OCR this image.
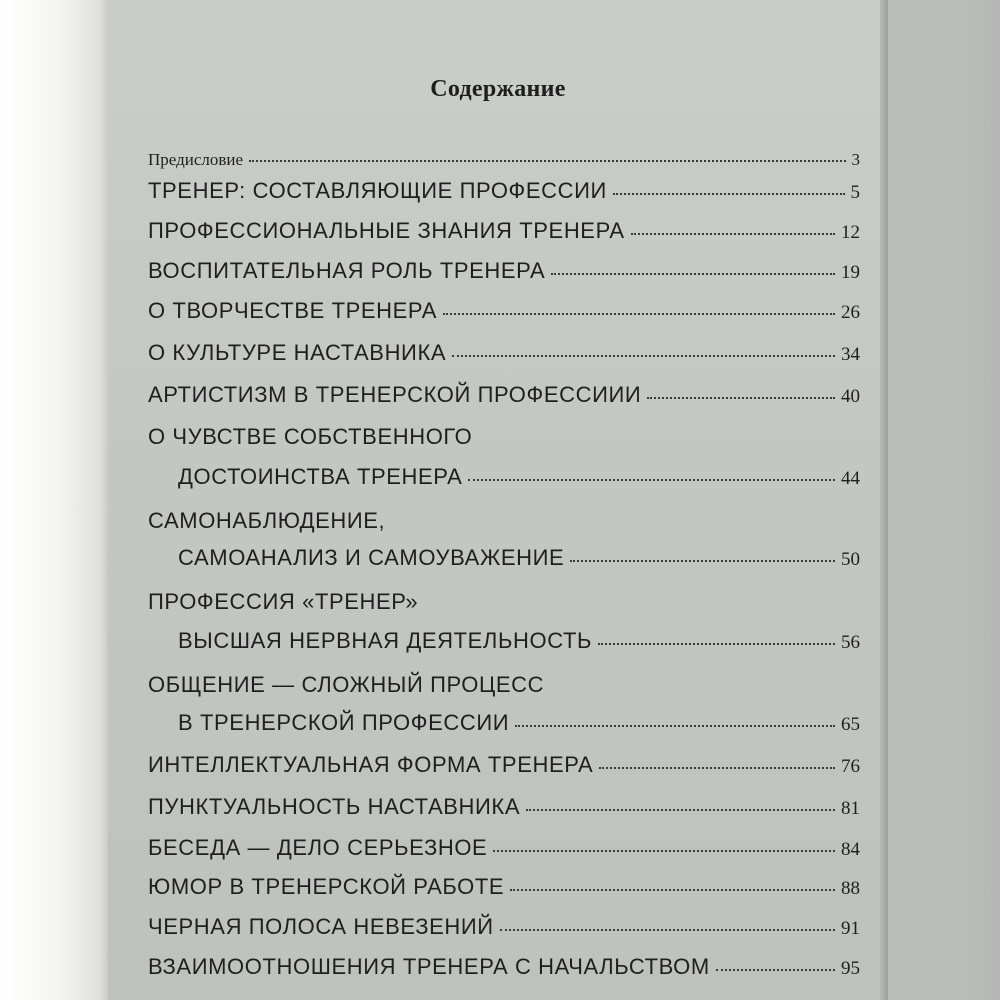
Содержание
Предисловие	3
ТРЕНЕР: СОСТАВЛЯЮЩИЕ ПРОФЕССИИ	5
ПРОФЕССИОНАЛЬНЫЕ ЗНАНИЯ ТРЕНЕРА	12
ВОСПИТАТЕЛЬНАЯ РОЛЬ ТРЕНЕРА	19
О ТВОРЧЕСТВЕ ТРЕНЕРА	26
О КУЛЬТУРЕ НАСТАВНИКА	34
АРТИСТИЗМ В ТРЕНЕРСКОЙ ПРОФЕССИИИ	40
О ЧУВСТВЕ СОБСТВЕННОГО
ДОСТОИНСТВА ТРЕНЕРА	44
САМОНАБЛЮДЕНИЕ,
САМОАНАЛИЗ И САМОУВАЖЕНИЕ	50
ПРОФЕССИЯ «ТРЕНЕР»
ВЫСШАЯ НЕРВНАЯ ДЕЯТЕЛЬНОСТЬ	56
ОБЩЕНИЕ — СЛОЖНЫЙ ПРОЦЕСС
В ТРЕНЕРСКОЙ ПРОФЕССИИ	65
ИНТЕЛЛЕКТУАЛЬНАЯ ФОРМА ТРЕНЕРА	76
ПУНКТУАЛЬНОСТЬ НАСТАВНИКА	81
БЕСЕДА — ДЕЛО СЕРЬЕЗНОЕ	84
ЮМОР В ТРЕНЕРСКОЙ РАБОТЕ	88
ЧЕРНАЯ ПОЛОСА НЕВЕЗЕНИЙ	91
ВЗАИМООТНОШЕНИЯ ТРЕНЕРА С НАЧАЛЬСТВОМ	95
